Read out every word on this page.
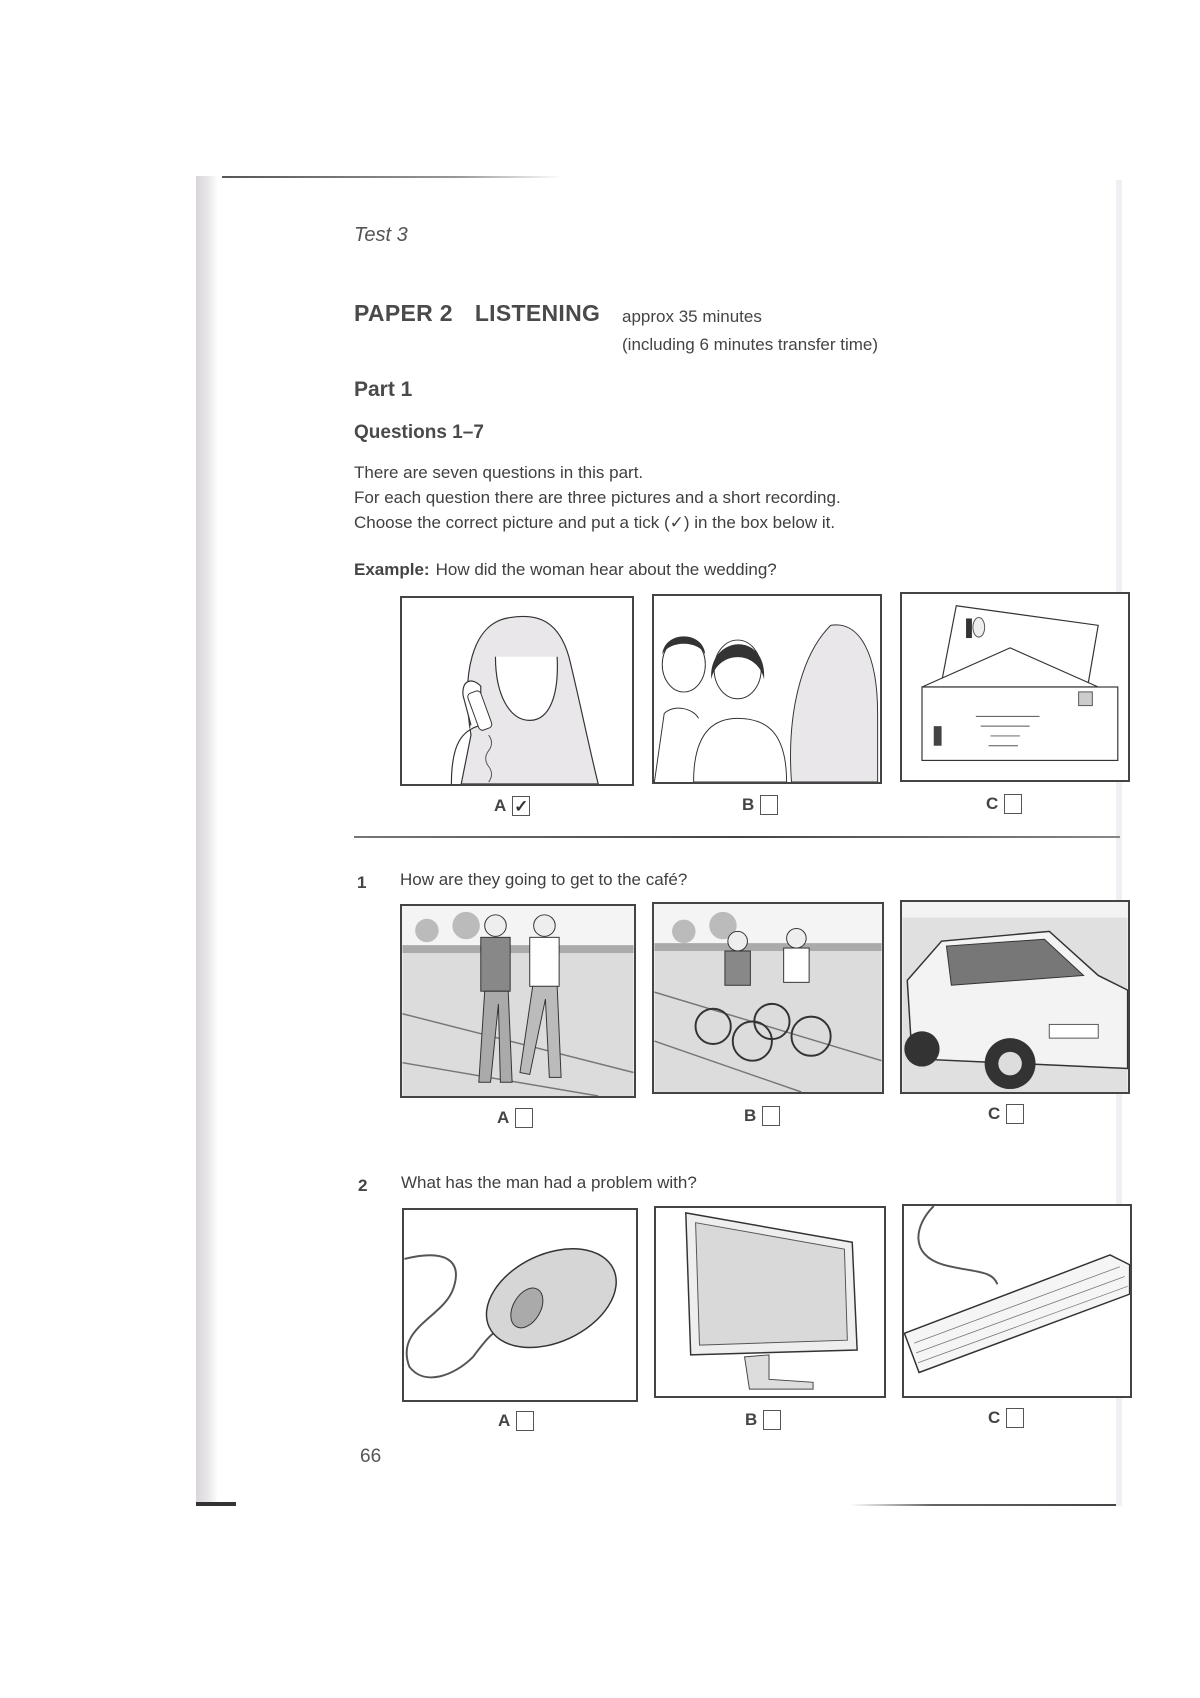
Test 3
PAPER 2 LISTENING approx 35 minutes
(including 6 minutes transfer time)
Part 1
Questions 1–7
There are seven questions in this part.
For each question there are three pictures and a short recording.
Choose the correct picture and put a tick (✓) in the box below it.
Example: How did the woman hear about the wedding?
A ✓	B	C
1 How are they going to get to the café?
A	B	C
2 What has the man had a problem with?
A	B	C
66
